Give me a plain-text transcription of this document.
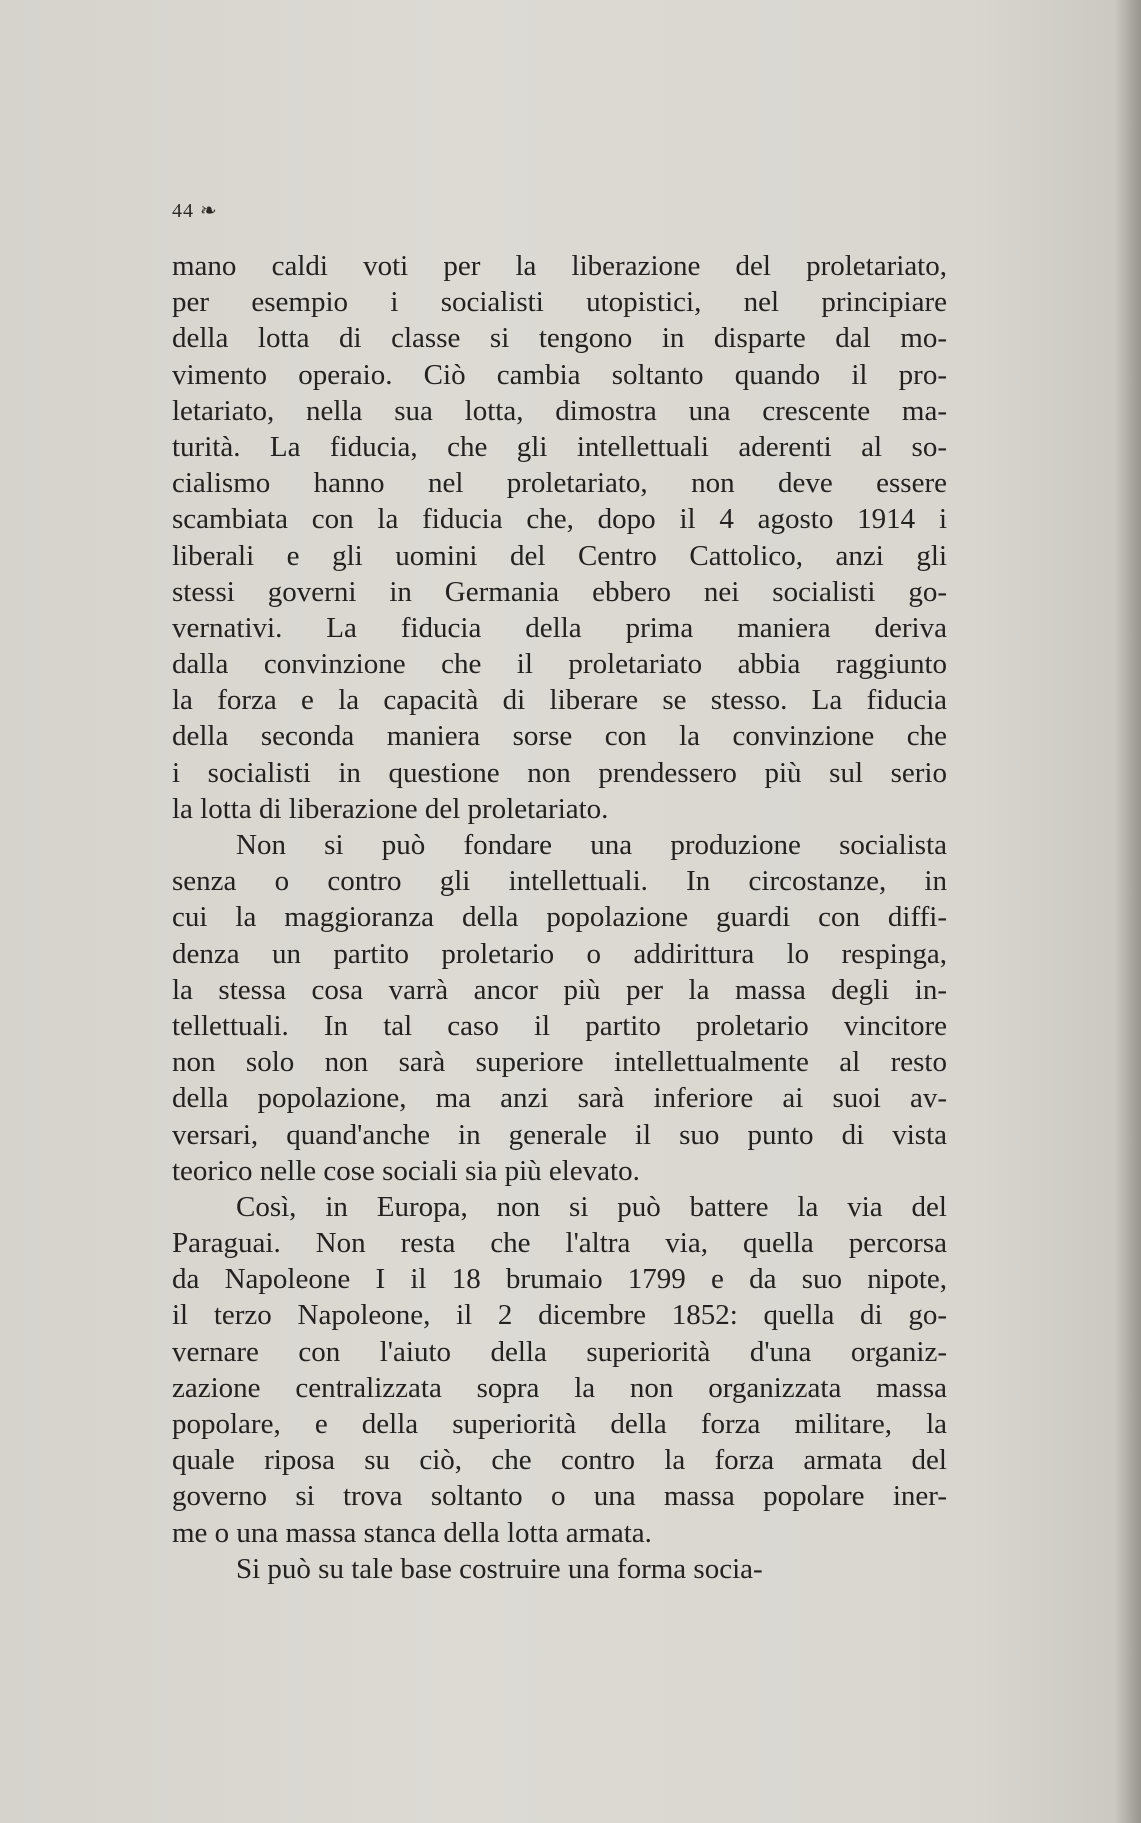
44 ❧
mano caldi voti per la liberazione del proletariato,
per esempio i socialisti utopistici, nel principiare
della lotta di classe si tengono in disparte dal mo-
vimento operaio. Ciò cambia soltanto quando il pro-
letariato, nella sua lotta, dimostra una crescente ma-
turità. La fiducia, che gli intellettuali aderenti al so-
cialismo hanno nel proletariato, non deve essere
scambiata con la fiducia che, dopo il 4 agosto 1914 i
liberali e gli uomini del Centro Cattolico, anzi gli
stessi governi in Germania ebbero nei socialisti go-
vernativi. La fiducia della prima maniera deriva
dalla convinzione che il proletariato abbia raggiunto
la forza e la capacità di liberare se stesso. La fiducia
della seconda maniera sorse con la convinzione che
i socialisti in questione non prendessero più sul serio
la lotta di liberazione del proletariato.
Non si può fondare una produzione socialista
senza o contro gli intellettuali. In circostanze, in
cui la maggioranza della popolazione guardi con diffi-
denza un partito proletario o addirittura lo respinga,
la stessa cosa varrà ancor più per la massa degli in-
tellettuali. In tal caso il partito proletario vincitore
non solo non sarà superiore intellettualmente al resto
della popolazione, ma anzi sarà inferiore ai suoi av-
versari, quand'anche in generale il suo punto di vista
teorico nelle cose sociali sia più elevato.
Così, in Europa, non si può battere la via del
Paraguai. Non resta che l'altra via, quella percorsa
da Napoleone I il 18 brumaio 1799 e da suo nipote,
il terzo Napoleone, il 2 dicembre 1852: quella di go-
vernare con l'aiuto della superiorità d'una organiz-
zazione centralizzata sopra la non organizzata massa
popolare, e della superiorità della forza militare, la
quale riposa su ciò, che contro la forza armata del
governo si trova soltanto o una massa popolare iner-
me o una massa stanca della lotta armata.
Si può su tale base costruire una forma socia-
